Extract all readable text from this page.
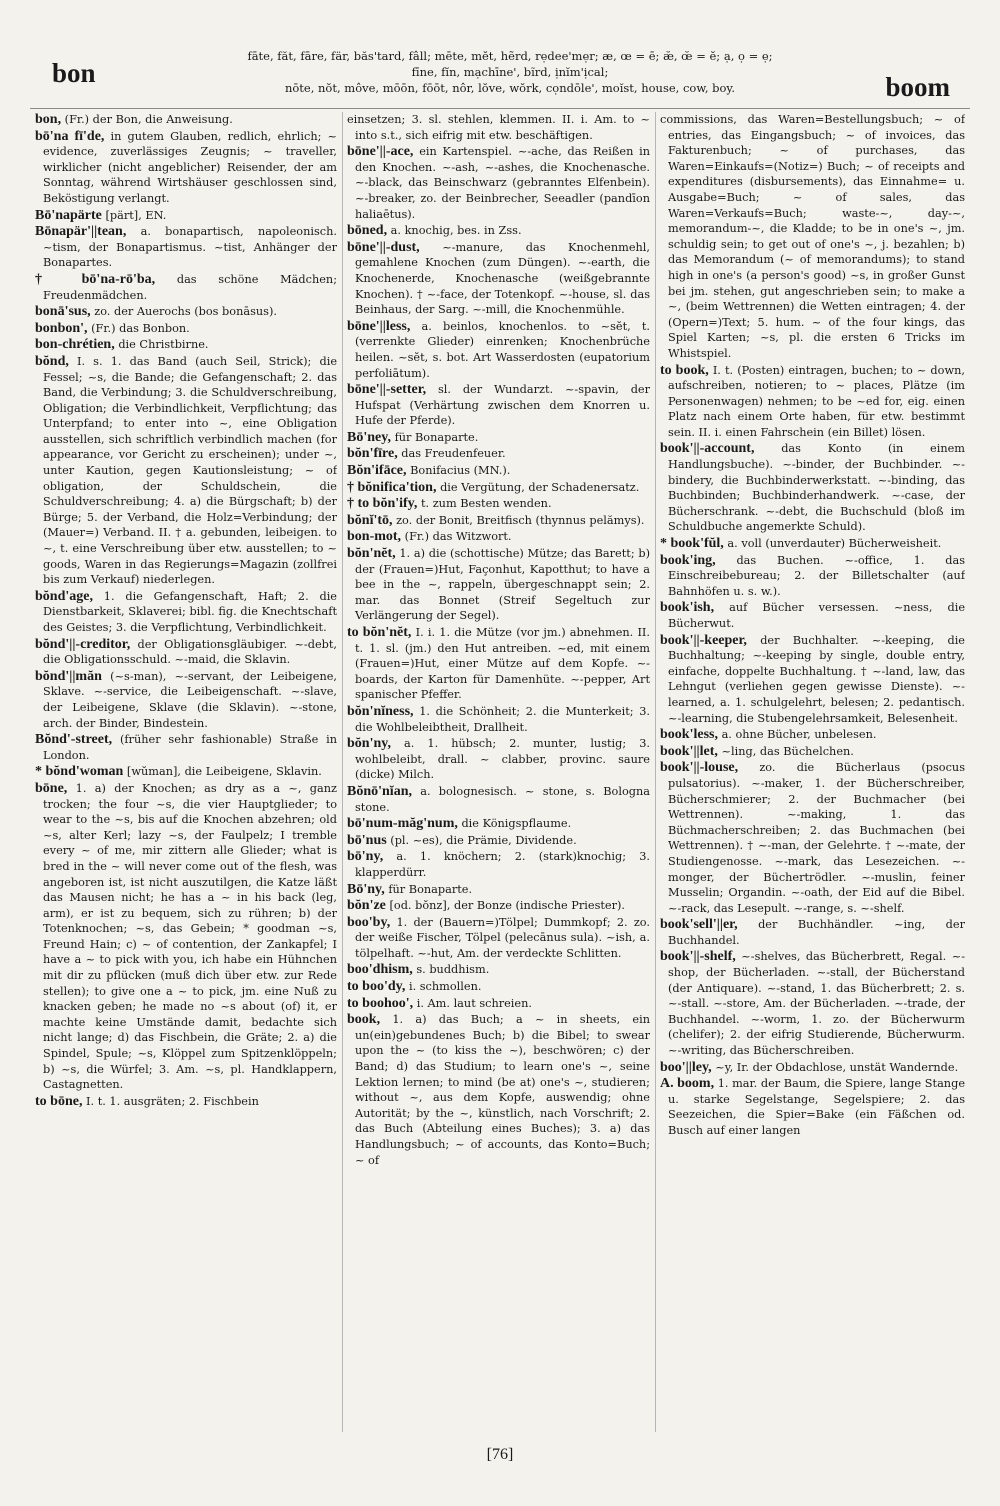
bon
fāte, făt, fāre, fär, băs'tard, fâll; mēte, mĕt, hẽrd, rẹdee'mẹr; æ, œ = ē; æ̆, œ̆ = ĕ; ạ, ọ = ẹ;
fīne, fĭn, mạchīne', bĩrd, ịnĭm'ịcal;
nōte, nŏt, môve, mōōn, fōōt, nôr, lŏve, wŏrk, cọndōle', moĭst, house, cow, boy.	boom
bon, (Fr.) der Bon, die Anweisung.
bō'na fī'de, in gutem Glauben, redlich, ehrlich; ~ evidence, zuverlässiges Zeugnis; ~ traveller, wirklicher (nicht angeblicher) Reisender, der am Sonntag, während Wirtshäuser geschlossen sind, Beköstigung verlangt.
Bō'napärte [pärt], EN.
Bōnapär'||tean, a. bonapartisch, napoleonisch. ~tism, der Bonapartismus. ~tist, Anhänger der Bonapartes.
† bō'na-rō'ba, das schöne Mädchen; Freudenmädchen.
bonā'sus, zo. der Auerochs (bos bonāsus).
bonbon', (Fr.) das Bonbon.
bon-chrétien, die Christbirne.
bŏnd, I. s. 1. das Band (auch Seil, Strick); die Fessel; ~s, die Bande; die Gefangenschaft; 2. das Band, die Verbindung; 3. die Schuldverschreibung, Obligation; die Verbindlichkeit, Verpflichtung; das Unterpfand; to enter into ~, eine Obligation ausstellen, sich schriftlich verbindlich machen (for appearance, vor Gericht zu erscheinen); under ~, unter Kaution, gegen Kautionsleistung; ~ of obligation, der Schuldschein, die Schuldverschreibung; 4. a) die Bürgschaft; b) der Bürge; 5. der Verband, die Holz=Verbindung; der (Mauer=) Verband. II. † a. gebunden, leibeigen. to ~, t. eine Verschreibung über etw. ausstellen; to ~ goods, Waren in das Regierungs=Magazin (zollfrei bis zum Verkauf) niederlegen.
bŏnd'age, 1. die Gefangenschaft, Haft; 2. die Dienstbarkeit, Sklaverei; bibl. fig. die Knechtschaft des Geistes; 3. die Verpflichtung, Verbindlichkeit.
bŏnd'||-creditor, der Obligationsgläubiger. ~-debt, die Obligationsschuld. ~-maid, die Sklavin.
bŏnd'||măn (~s-man), ~-servant, der Leibeigene, Sklave. ~-service, die Leibeigenschaft. ~-slave, der Leibeigene, Sklave (die Sklavin). ~-stone, arch. der Binder, Bindestein.
Bŏnd'-street, (früher sehr fashionable) Straße in London.
* bŏnd'woman [wŭman], die Leibeigene, Sklavin.
bōne, 1. a) der Knochen; as dry as a ~, ganz trocken; the four ~s, die vier Hauptglieder; to wear to the ~s, bis auf die Knochen abzehren; old ~s, alter Kerl; lazy ~s, der Faulpelz; I tremble every ~ of me, mir zittern alle Glieder; what is bred in the ~ will never come out of the flesh, was angeboren ist, ist nicht auszutilgen, die Katze läßt das Mausen nicht; he has a ~ in his back (leg, arm), er ist zu bequem, sich zu rühren; b) der Totenknochen; ~s, das Gebein; * goodman ~s, Freund Hain; c) ~ of contention, der Zankapfel; I have a ~ to pick with you, ich habe ein Hühnchen mit dir zu pflücken (muß dich über etw. zur Rede stellen); to give one a ~ to pick, jm. eine Nuß zu knacken geben; he made no ~s about (of) it, er machte keine Umstände damit, bedachte sich nicht lange; d) das Fischbein, die Gräte; 2. a) die Spindel, Spule; ~s, Klöppel zum Spitzenklöppeln; b) ~s, die Würfel; 3. Am. ~s, pl. Handklappern, Castagnetten.
to bōne, I. t. 1. ausgräten; 2. Fischbein
einsetzen; 3. sl. stehlen, klemmen. II. i. Am. to ~ into s.t., sich eifrig mit etw. beschäftigen.
bōne'||-ace, ein Kartenspiel. ~-ache, das Reißen in den Knochen. ~-ash, ~-ashes, die Knochenasche. ~-black, das Beinschwarz (gebranntes Elfenbein). ~-breaker, zo. der Beinbrecher, Seeadler (pandīon haliaētus).
bōned, a. knochig, bes. in Zss.
bōne'||-dust, ~-manure, das Knochenmehl, gemahlene Knochen (zum Düngen). ~-earth, die Knochenerde, Knochenasche (weißgebrannte Knochen). † ~-face, der Totenkopf. ~-house, sl. das Beinhaus, der Sarg. ~-mill, die Knochenmühle.
bōne'||less, a. beinlos, knochenlos. to ~sĕt, t. (verrenkte Glieder) einrenken; Knochenbrüche heilen. ~sĕt, s. bot. Art Wasserdosten (eupatorium perfoliātum).
bōne'||-setter, sl. der Wundarzt. ~-spavin, der Hufspat (Verhärtung zwischen dem Knorren u. Hufe der Pferde).
Bō'ney, für Bonaparte.
bŏn'fīre, das Freudenfeuer.
Bŏn'ifāce, Bonifacius (MN.).
† bŏnifica'tion, die Vergütung, der Schadenersatz.
† to bŏn'ify, t. zum Besten wenden.
bŏnĭ'tō, zo. der Bonit, Breitfisch (thynnus pelămys).
bon-mot, (Fr.) das Witzwort.
bŏn'nĕt, 1. a) die (schottische) Mütze; das Barett; b) der (Frauen=)Hut, Façonhut, Kapotthut; to have a bee in the ~, rappeln, übergeschnappt sein; 2. mar. das Bonnet (Streif Segeltuch zur Verlängerung der Segel).
to bŏn'nĕt, I. i. 1. die Mütze (vor jm.) abnehmen. II. t. 1. sl. (jm.) den Hut antreiben. ~ed, mit einem (Frauen=)Hut, einer Mütze auf dem Kopfe. ~-boards, der Karton für Damenhüte. ~-pepper, Art spanischer Pfeffer.
bŏn'nĭness, 1. die Schönheit; 2. die Munterkeit; 3. die Wohlbeleibtheit, Drallheit.
bŏn'ny, a. 1. hübsch; 2. munter, lustig; 3. wohlbeleibt, drall. ~ clabber, provinc. saure (dicke) Milch.
Bŏnō'nĭan, a. bolognesisch. ~ stone, s. Bologna stone.
bō'num-măg'num, die Königspflaume.
bō'nus (pl. ~es), die Prämie, Dividende.
bō'ny, a. 1. knöchern; 2. (stark)knochig; 3. klapperdürr.
Bō'ny, für Bonaparte.
bŏn'ze [od. bŏnz], der Bonze (indische Priester).
boo'by, 1. der (Bauern=)Tölpel; Dummkopf; 2. zo. der weiße Fischer, Tölpel (pelecānus sula). ~ish, a. tölpelhaft. ~-hut, Am. der verdeckte Schlitten.
boo'dhism, s. buddhism.
to boo'dy, i. schmollen.
to boohoo', i. Am. laut schreien.
book, 1. a) das Buch; a ~ in sheets, ein un(ein)gebundenes Buch; b) die Bibel; to swear upon the ~ (to kiss the ~), beschwören; c) der Band; d) das Studium; to learn one's ~, seine Lektion lernen; to mind (be at) one's ~, studieren; without ~, aus dem Kopfe, auswendig; ohne Autorität; by the ~, künstlich, nach Vorschrift; 2. das Buch (Abteilung eines Buches); 3. a) das Handlungsbuch; ~ of accounts, das Konto=Buch; ~ of
commissions, das Waren=Bestellungsbuch; ~ of entries, das Eingangsbuch; ~ of invoices, das Fakturenbuch; ~ of purchases, das Waren=Einkaufs=(Notiz=) Buch; ~ of receipts and expenditures (disbursements), das Einnahme= u. Ausgabe=Buch; ~ of sales, das Waren=Verkaufs=Buch; waste-~, day-~, memorandum-~, die Kladde; to be in one's ~, jm. schuldig sein; to get out of one's ~, j. bezahlen; b) das Memorandum (~ of memorandums); to stand high in one's (a person's good) ~s, in großer Gunst bei jm. stehen, gut angeschrieben sein; to make a ~, (beim Wettrennen) die Wetten eintragen; 4. der (Opern=)Text; 5. hum. ~ of the four kings, das Spiel Karten; ~s, pl. die ersten 6 Tricks im Whistspiel.
to book, I. t. (Posten) eintragen, buchen; to ~ down, aufschreiben, notieren; to ~ places, Plätze (im Personenwagen) nehmen; to be ~ed for, eig. einen Platz nach einem Orte haben, für etw. bestimmt sein. II. i. einen Fahrschein (ein Billet) lösen.
book'||-account, das Konto (in einem Handlungsbuche). ~-binder, der Buchbinder. ~-bindery, die Buchbinderwerkstatt. ~-binding, das Buchbinden; Buchbinderhandwerk. ~-case, der Bücherschrank. ~-debt, die Buchschuld (bloß im Schuldbuche angemerkte Schuld).
* book'fŭl, a. voll (unverdauter) Bücherweisheit.
book'ing, das Buchen. ~-office, 1. das Einschreibebureau; 2. der Billetschalter (auf Bahnhöfen u. s. w.).
book'ish, auf Bücher versessen. ~ness, die Bücherwut.
book'||-keeper, der Buchhalter. ~-keeping, die Buchhaltung; ~-keeping by single, double entry, einfache, doppelte Buchhaltung. † ~-land, law, das Lehngut (verliehen gegen gewisse Dienste). ~-learned, a. 1. schulgelehrt, belesen; 2. pedantisch. ~-learning, die Stubengelehrsamkeit, Belesenheit.
book'less, a. ohne Bücher, unbelesen.
book'||let, ~ling, das Büchelchen.
book'||-louse, zo. die Bücherlaus (psocus pulsatorius). ~-maker, 1. der Bücherschreiber, Bücherschmierer; 2. der Buchmacher (bei Wettrennen). ~-making, 1. das Büchmacherschreiben; 2. das Buchmachen (bei Wettrennen). † ~-man, der Gelehrte. † ~-mate, der Studiengenosse. ~-mark, das Lesezeichen. ~-monger, der Büchertrödler. ~-muslin, feiner Musselin; Organdin. ~-oath, der Eid auf die Bibel. ~-rack, das Lesepult. ~-range, s. ~-shelf.
book'sell'||er, der Buchhändler. ~ing, der Buchhandel.
book'||-shelf, ~-shelves, das Bücherbrett, Regal. ~-shop, der Bücherladen. ~-stall, der Bücherstand (der Antiquare). ~-stand, 1. das Bücherbrett; 2. s. ~-stall. ~-store, Am. der Bücherladen. ~-trade, der Buchhandel. ~-worm, 1. zo. der Bücherwurm (chelifer); 2. der eifrig Studierende, Bücherwurm. ~-writing, das Bücherschreiben.
boo'||ley, ~y, Ir. der Obdachlose, unstät Wandernde.
A. boom, 1. mar. der Baum, die Spiere, lange Stange u. starke Segelstange, Segelspiere; 2. das Seezeichen, die Spier=Bake (ein Fäßchen od. Busch auf einer langen
[76]
